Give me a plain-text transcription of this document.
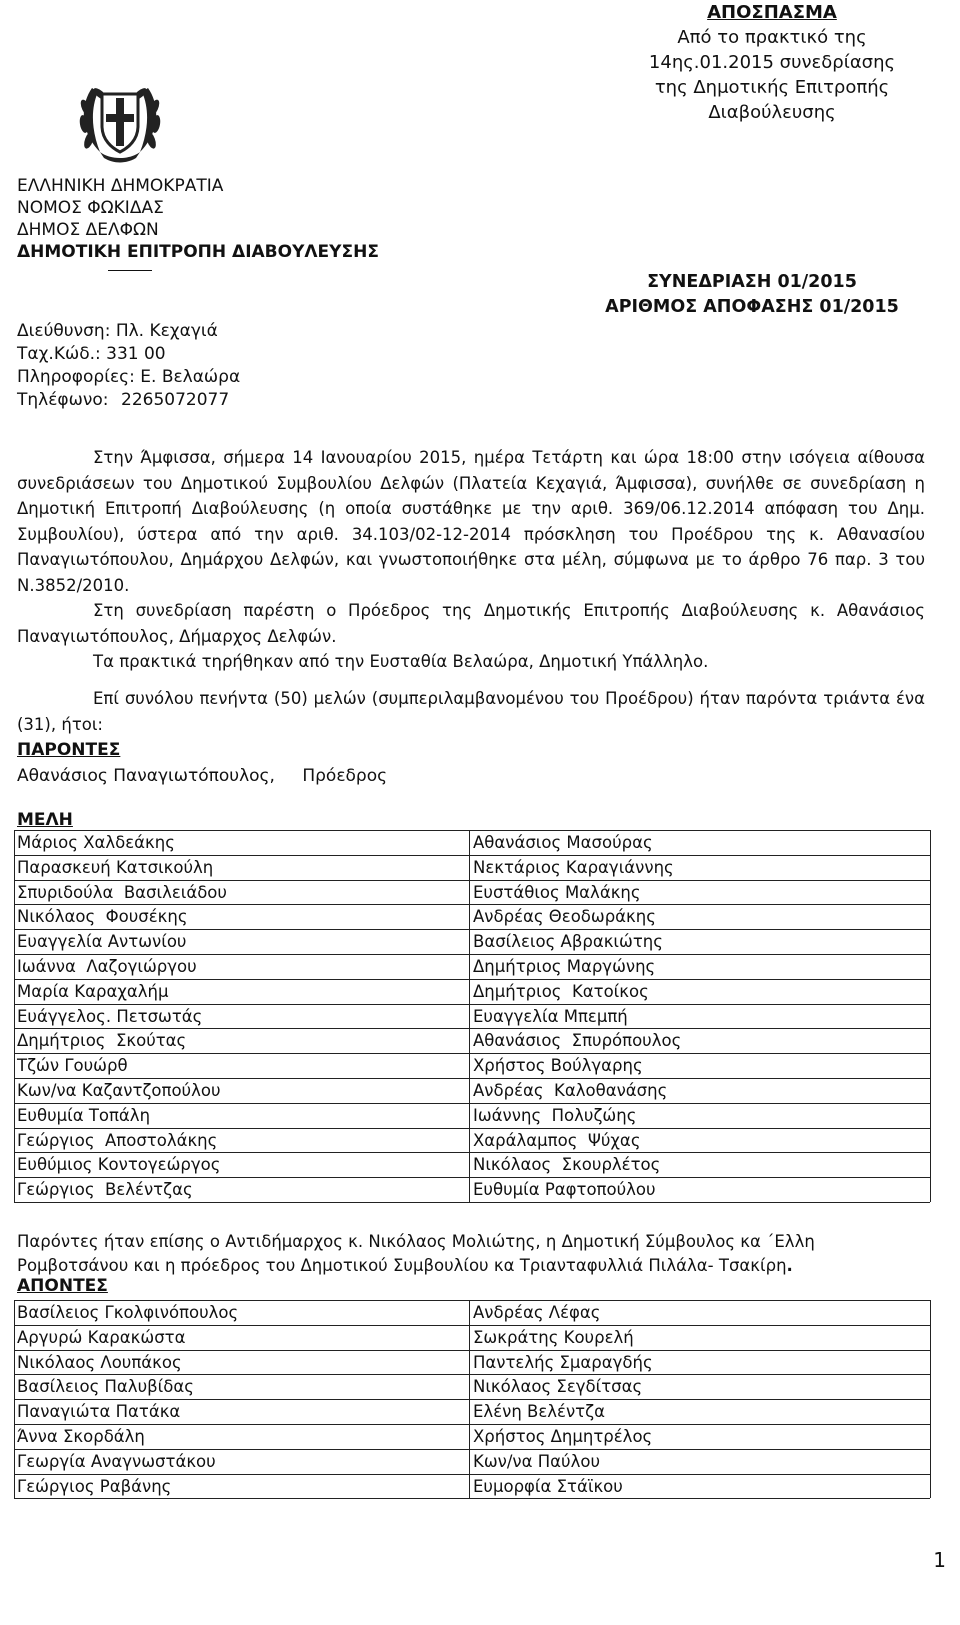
ΑΠΟΣΠΑΣΜΑ
Από το πρακτικό της 14ης.01.2015 συνεδρίασης
της Δημοτικής Επιτροπής Διαβούλευσης
ΕΛΛΗΝΙΚΗ ΔΗΜΟΚΡΑΤΙΑ
ΝΟΜΟΣ ΦΩΚΙΔΑΣ
ΔΗΜΟΣ ΔΕΛΦΩΝ
ΔΗΜΟΤΙΚΗ ΕΠΙΤΡΟΠΗ ΔΙΑΒΟΥΛΕΥΣΗΣ
ΣΥΝΕΔΡΙΑΣΗ 01/2015
ΑΡΙΘΜΟΣ ΑΠΟΦΑΣΗΣ 01/2015
Διεύθυνση: Πλ. Κεχαγιά
Ταχ.Κώδ.: 331 00
Πληροφορίες: Ε. Βελαώρα
Τηλέφωνο: 2265072077

Στην Άμφισσα, σήμερα 14 Ιανουαρίου 2015, ημέρα Τετάρτη και ώρα 18:00 στην ισόγεια αίθουσα συνεδριάσεων του Δημοτικού Συμβουλίου Δελφών (Πλατεία Κεχαγιά, Άμφισσα), συνήλθε σε συνεδρίαση η Δημοτική Επιτροπή Διαβούλευσης (η οποία συστάθηκε με την αριθ. 369/06.12.2014 απόφαση του Δημ. Συμβουλίου), ύστερα από την αριθ. 34.103/02-12-2014 πρόσκληση του Προέδρου της κ. Αθανασίου Παναγιωτόπουλου, Δημάρχου Δελφών, και γνωστοποιήθηκε στα μέλη, σύμφωνα με το άρθρο 76 παρ. 3 του Ν.3852/2010.

Στη συνεδρίαση παρέστη ο Πρόεδρος της Δημοτικής Επιτροπής Διαβούλευσης κ. Αθανάσιος Παναγιωτόπουλος, Δήμαρχος Δελφών.

Τα πρακτικά τηρήθηκαν από την Ευσταθία Βελαώρα, Δημοτική Υπάλληλο.

Επί συνόλου πενήντα (50) μελών (συμπεριλαμβανομένου του Προέδρου) ήταν παρόντα τριάντα ένα (31), ήτοι:
ΠΑΡΟΝΤΕΣ
Αθανάσιος Παναγιωτόπουλος, Πρόεδρος
ΜΕΛΗ
Μάριος Χαλδεάκης
Παρασκευή Κατσικούλη
Σπυριδούλα  Βασιλειάδου
Νικόλαος  Φουσέκης
Ευαγγελία Αντωνίου
Ιωάννα  Λαζογιώργου
Μαρία Καραχαλήμ
Ευάγγελος. Πετσωτάς
Δημήτριος  Σκούτας
Τζών Γουώρθ
Κων/να Καζαντζοπούλου
Ευθυμία Τοπάλη
Γεώργιος  Αποστολάκης
Ευθύμιος Κοντογεώργος
Γεώργιος  Βελέντζας
Αθανάσιος Μασούρας
Νεκτάριος Καραγιάννης
Ευστάθιος Μαλάκης
Ανδρέας Θεοδωράκης
Βασίλειος Αβρακιώτης
Δημήτριος Μαργώνης
Δημήτριος  Κατοίκος
Ευαγγελία Μπεμπή
Αθανάσιος  Σπυρόπουλος
Χρήστος Βούλγαρης
Ανδρέας  Καλοθανάσης
Ιωάννης  Πολυζώης
Χαράλαμπος  Ψύχας
Νικόλαος  Σκουρλέτος
Ευθυμία Ραφτοπούλου
Παρόντες ήταν επίσης ο Αντιδήμαρχος κ. Νικόλαος Μολιώτης, η Δημοτική Σύμβουλος κα ΄Ελλη Ρομβοτσάνου και η πρόεδρος του Δημοτικού Συμβουλίου κα Τριανταφυλλιά Πιλάλα- Τσακίρη.
ΑΠΟΝΤΕΣ
Βασίλειος Γκολφινόπουλος
Αργυρώ Καρακώστα
Νικόλαος Λουπάκος
Βασίλειος Παλυβίδας
Παναγιώτα Πατάκα
Άννα Σκορδάλη
Γεωργία Αναγνωστάκου
Γεώργιος Ραβάνης
Ανδρέας Λέφας
Σωκράτης Κουρελή
Παντελής Σμαραγδής
Νικόλαος Σεγδίτσας
Ελένη Βελέντζα
Χρήστος Δημητρέλος
Κων/να Παύλου
Ευμορφία Στάϊκου
1
